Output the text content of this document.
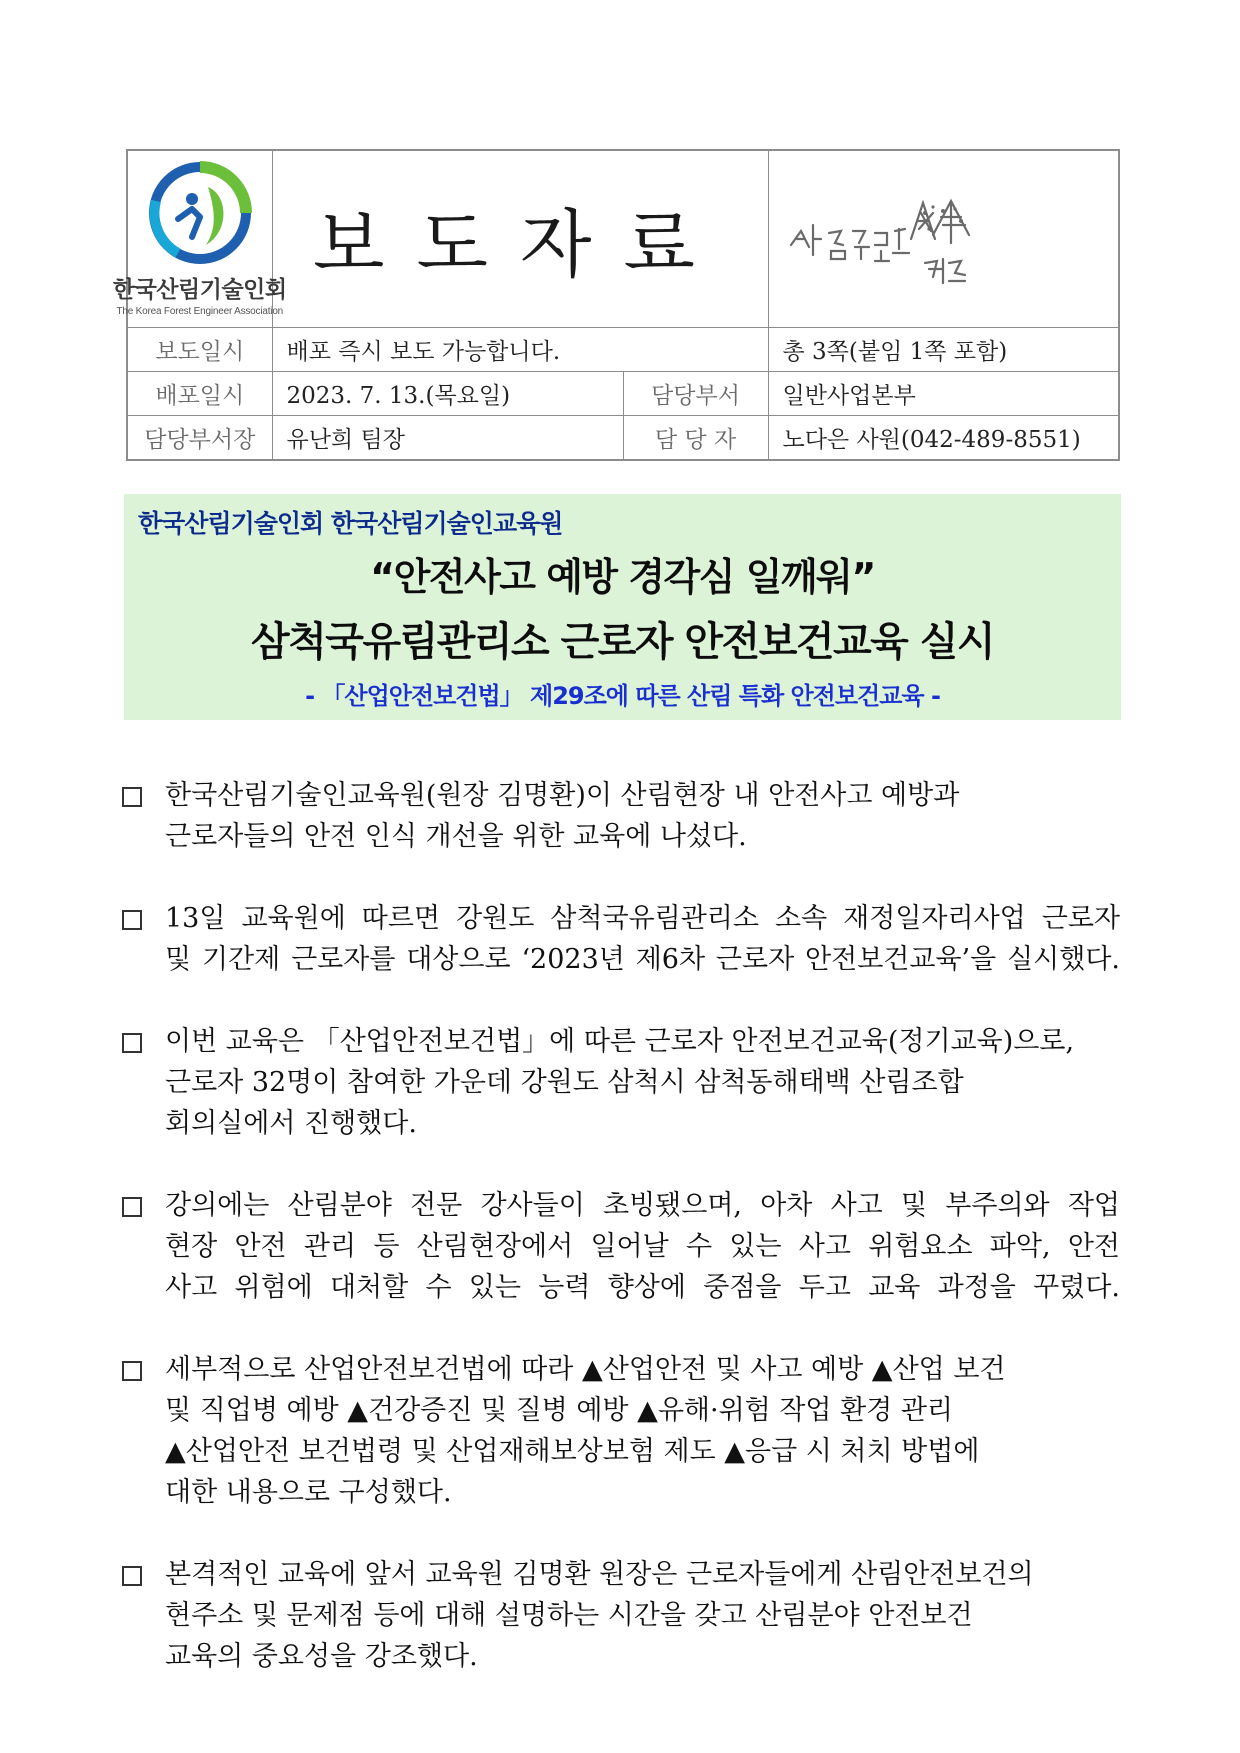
한국산림기술인회
The Korea Forest Engineer Association	보도자료	

보도일시	배포 즉시 보도 가능합니다.		총 3쪽(붙임 1쪽 포함)
배포일시	2023. 7. 13.(목요일)	담당부서	일반사업본부
담당부서장	유난희 팀장	담 당 자	노다은 사원(042-489-8551)
한국산림기술인회 한국산림기술인교육원
“안전사고 예방 경각심 일깨워”
삼척국유림관리소 근로자 안전보건교육 실시
- 「산업안전보건법」 제29조에 따른 산림 특화 안전보건교육 -
한국산림기술인교육원(원장 김명환)이 산림현장 내 안전사고 예방과
근로자들의 안전 인식 개선을 위한 교육에 나섰다.
13일 교육원에 따르면 강원도 삼척국유림관리소 소속 재정일자리사업 근로자
및 기간제 근로자를 대상으로 ‘2023년 제6차 근로자 안전보건교육’을 실시했다.
이번 교육은 「산업안전보건법」에 따른 근로자 안전보건교육(정기교육)으로,
근로자 32명이 참여한 가운데 강원도 삼척시 삼척동해태백 산림조합
회의실에서 진행했다.
강의에는 산림분야 전문 강사들이 초빙됐으며, 아차 사고 및 부주의와 작업
현장 안전 관리 등 산림현장에서 일어날 수 있는 사고 위험요소 파악, 안전
사고 위험에 대처할 수 있는 능력 향상에 중점을 두고 교육 과정을 꾸렸다.
세부적으로 산업안전보건법에 따라 ▲산업안전 및 사고 예방 ▲산업 보건
및 직업병 예방 ▲건강증진 및 질병 예방 ▲유해·위험 작업 환경 관리
▲산업안전 보건법령 및 산업재해보상보험 제도 ▲응급 시 처치 방법에
대한 내용으로 구성했다.
본격적인 교육에 앞서 교육원 김명환 원장은 근로자들에게 산림안전보건의
현주소 및 문제점 등에 대해 설명하는 시간을 갖고 산림분야 안전보건
교육의 중요성을 강조했다.
